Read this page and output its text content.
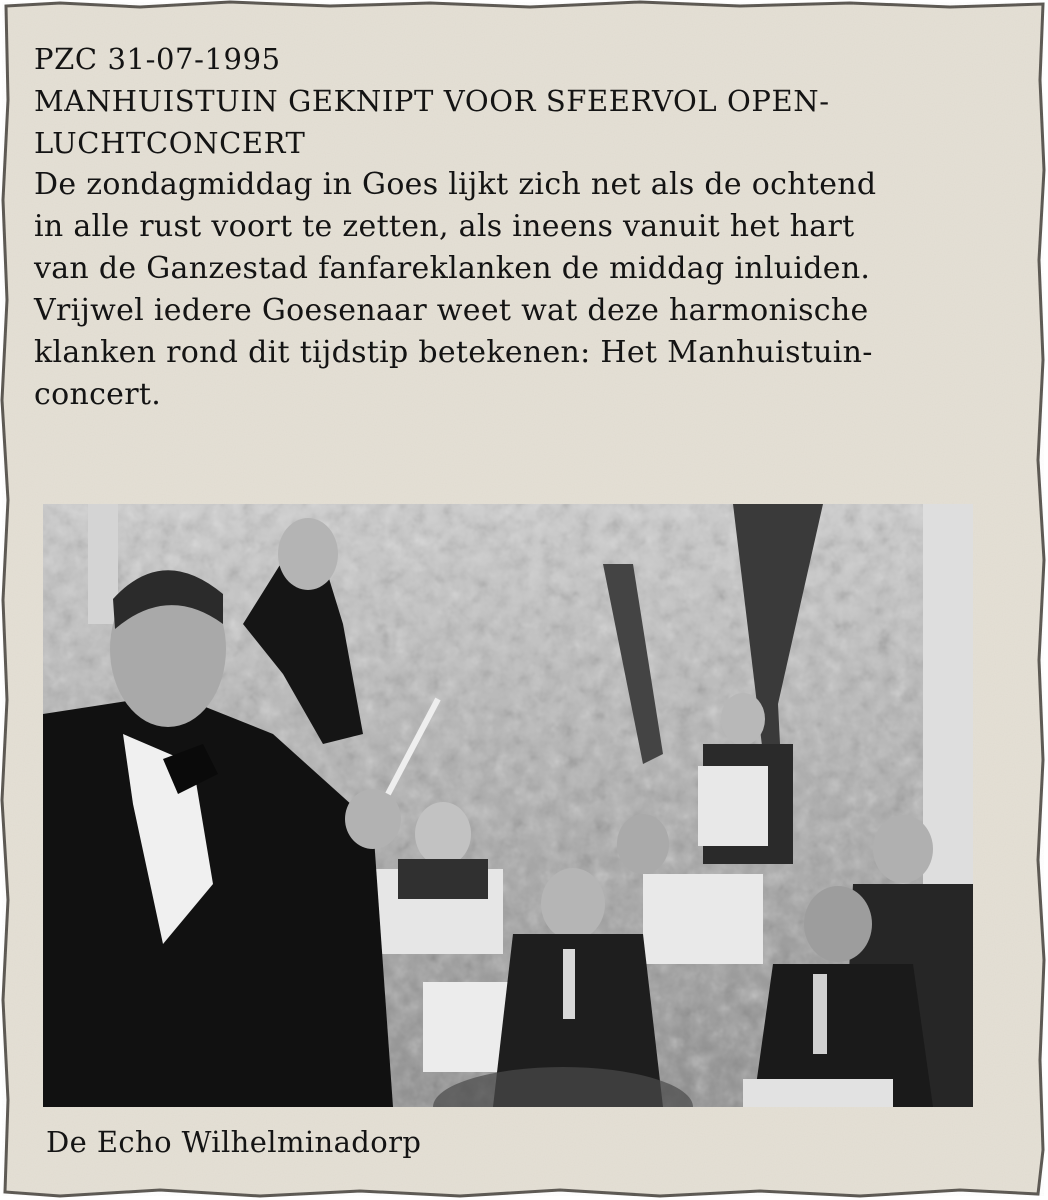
PZC 31-07-1995
MANHUISTUIN GEKNIPT VOOR SFEERVOL OPEN-
LUCHTCONCERT
De zondagmiddag in Goes lijkt zich net als de ochtend
in alle rust voort te zetten, als ineens vanuit het hart
van de Ganzestad fanfareklanken de middag inluiden.
Vrijwel iedere Goesenaar weet wat deze harmonische
klanken rond dit tijdstip betekenen: Het Manhuistuin-
concert.
De Echo Wilhelminadorp
